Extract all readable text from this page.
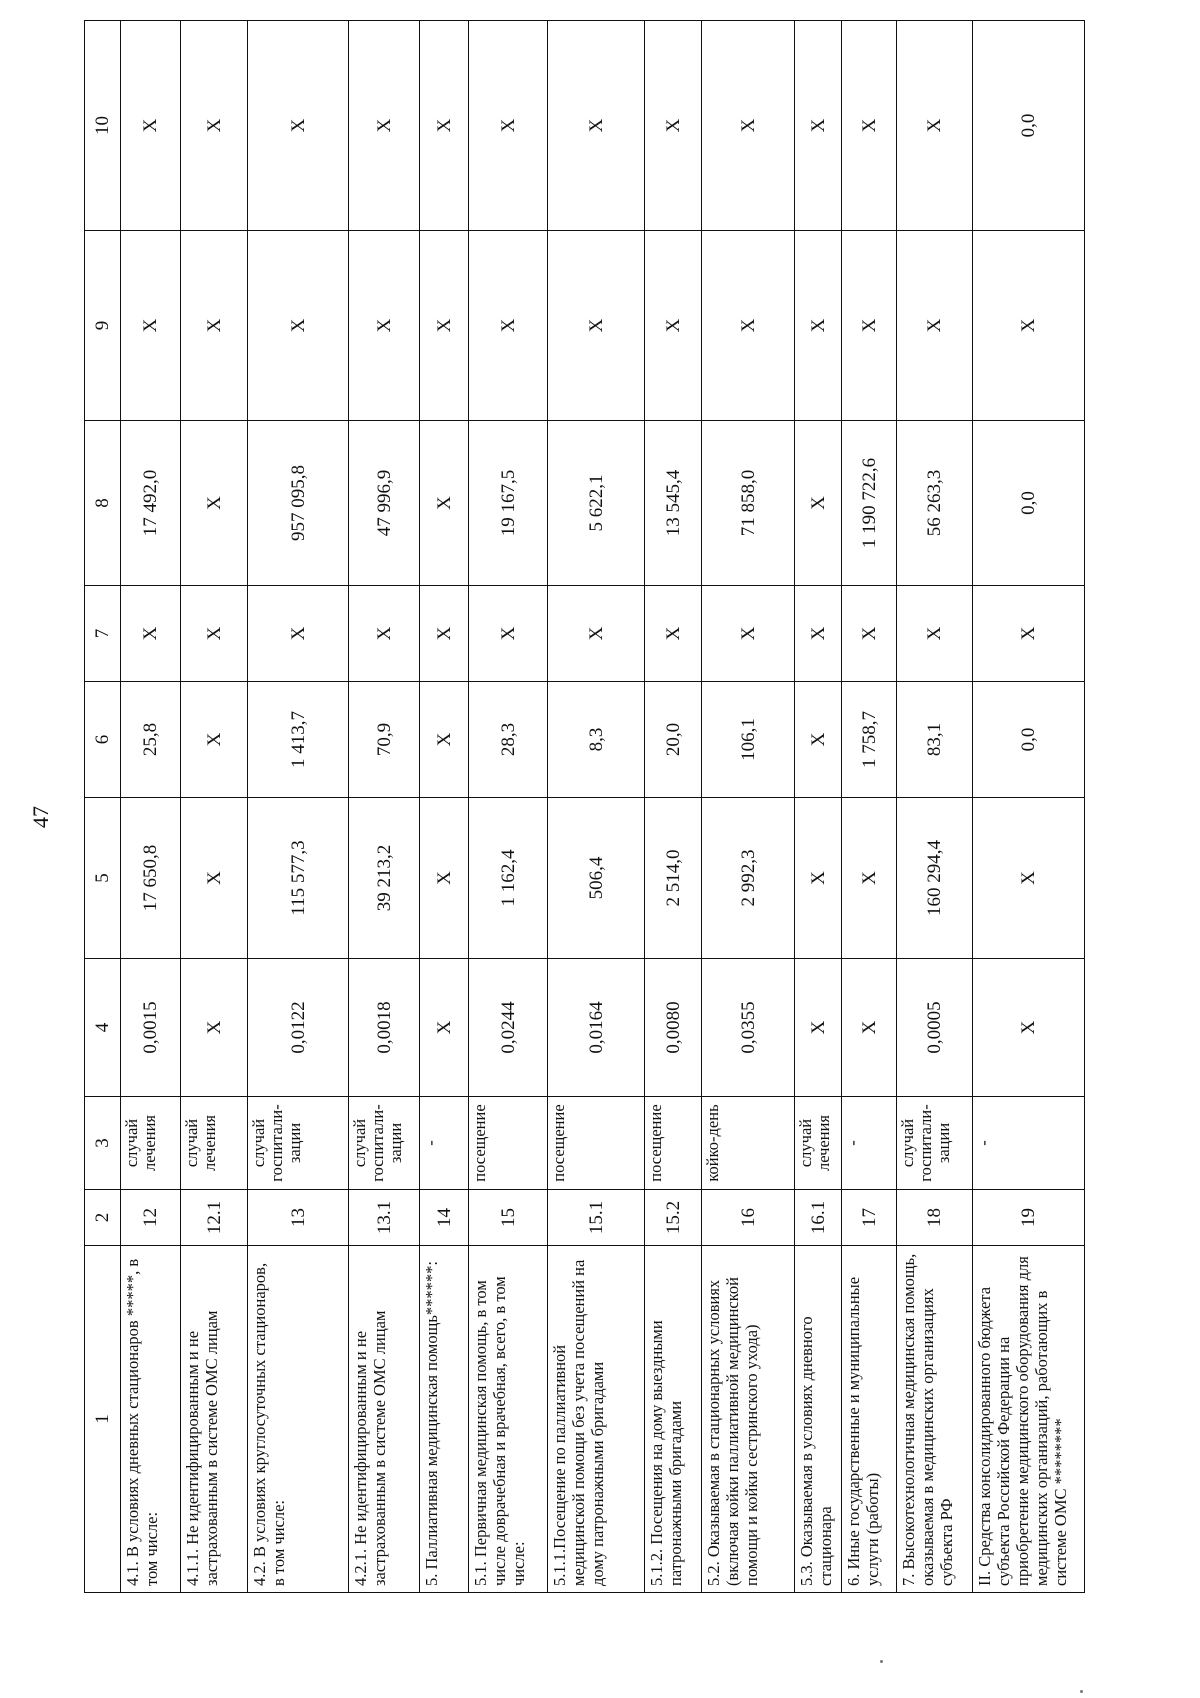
47
1	2	3	4	5	6	7	8	9	10
4.1. В условиях дневных стационаров *****, в том числе:	12	случай лечения	0,0015	17 650,8	25,8	Х	17 492,0	Х	Х
4.1.1. Не идентифицированным и не застрахованным в системе ОМС лицам	12.1	случай лечения	Х	Х	Х	Х	Х	Х	Х
4.2. В условиях круглосуточных стационаров, в том числе:	13	случай госпитали-зации	0,0122	115 577,3	1 413,7	Х	957 095,8	Х	Х
4.2.1. Не идентифицированным и не застрахованным в системе ОМС лицам	13.1	случай госпитали-зации	0,0018	39 213,2	70,9	Х	47 996,9	Х	Х
5. Паллиативная медицинская помощь******:	14	-	Х	Х	Х	Х	Х	Х	Х
5.1. Первичная медицинская помощь, в том числе доврачебная и врачебная, всего, в том числе:	15	посещение	0,0244	1 162,4	28,3	Х	19 167,5	Х	Х
5.1.1.Посещение по паллиативной медицинской помощи без учета посещений на дому патронажными бригадами	15.1	посещение	0,0164	506,4	8,3	Х	5 622,1	Х	Х
5.1.2. Посещения на дому выездными патронажными бригадами	15.2	посещение	0,0080	2 514,0	20,0	Х	13 545,4	Х	Х
5.2. Оказываемая в стационарных условиях (включая койки паллиативной медицинской помощи и койки сестринского ухода)	16	койко-день	0,0355	2 992,3	106,1	Х	71 858,0	Х	Х
5.3. Оказываемая в условиях дневного стационара	16.1	случай лечения	Х	Х	Х	Х	Х	Х	Х
6. Иные государственные и муниципальные услуги (работы)	17	-	Х	Х	1 758,7	Х	1 190 722,6	Х	Х
7. Высокотехнологичная медицинская помощь, оказываемая в медицинских организациях субъекта РФ	18	случай госпитали-зации	0,0005	160 294,4	83,1	Х	56 263,3	Х	Х
II. Средства консолидированного бюджета субъекта Российской Федерации на приобретение медицинского оборудования для медицинских организаций, работающих в системе ОМС ********	19	-	Х	Х	0,0	Х	0,0	Х	0,0
